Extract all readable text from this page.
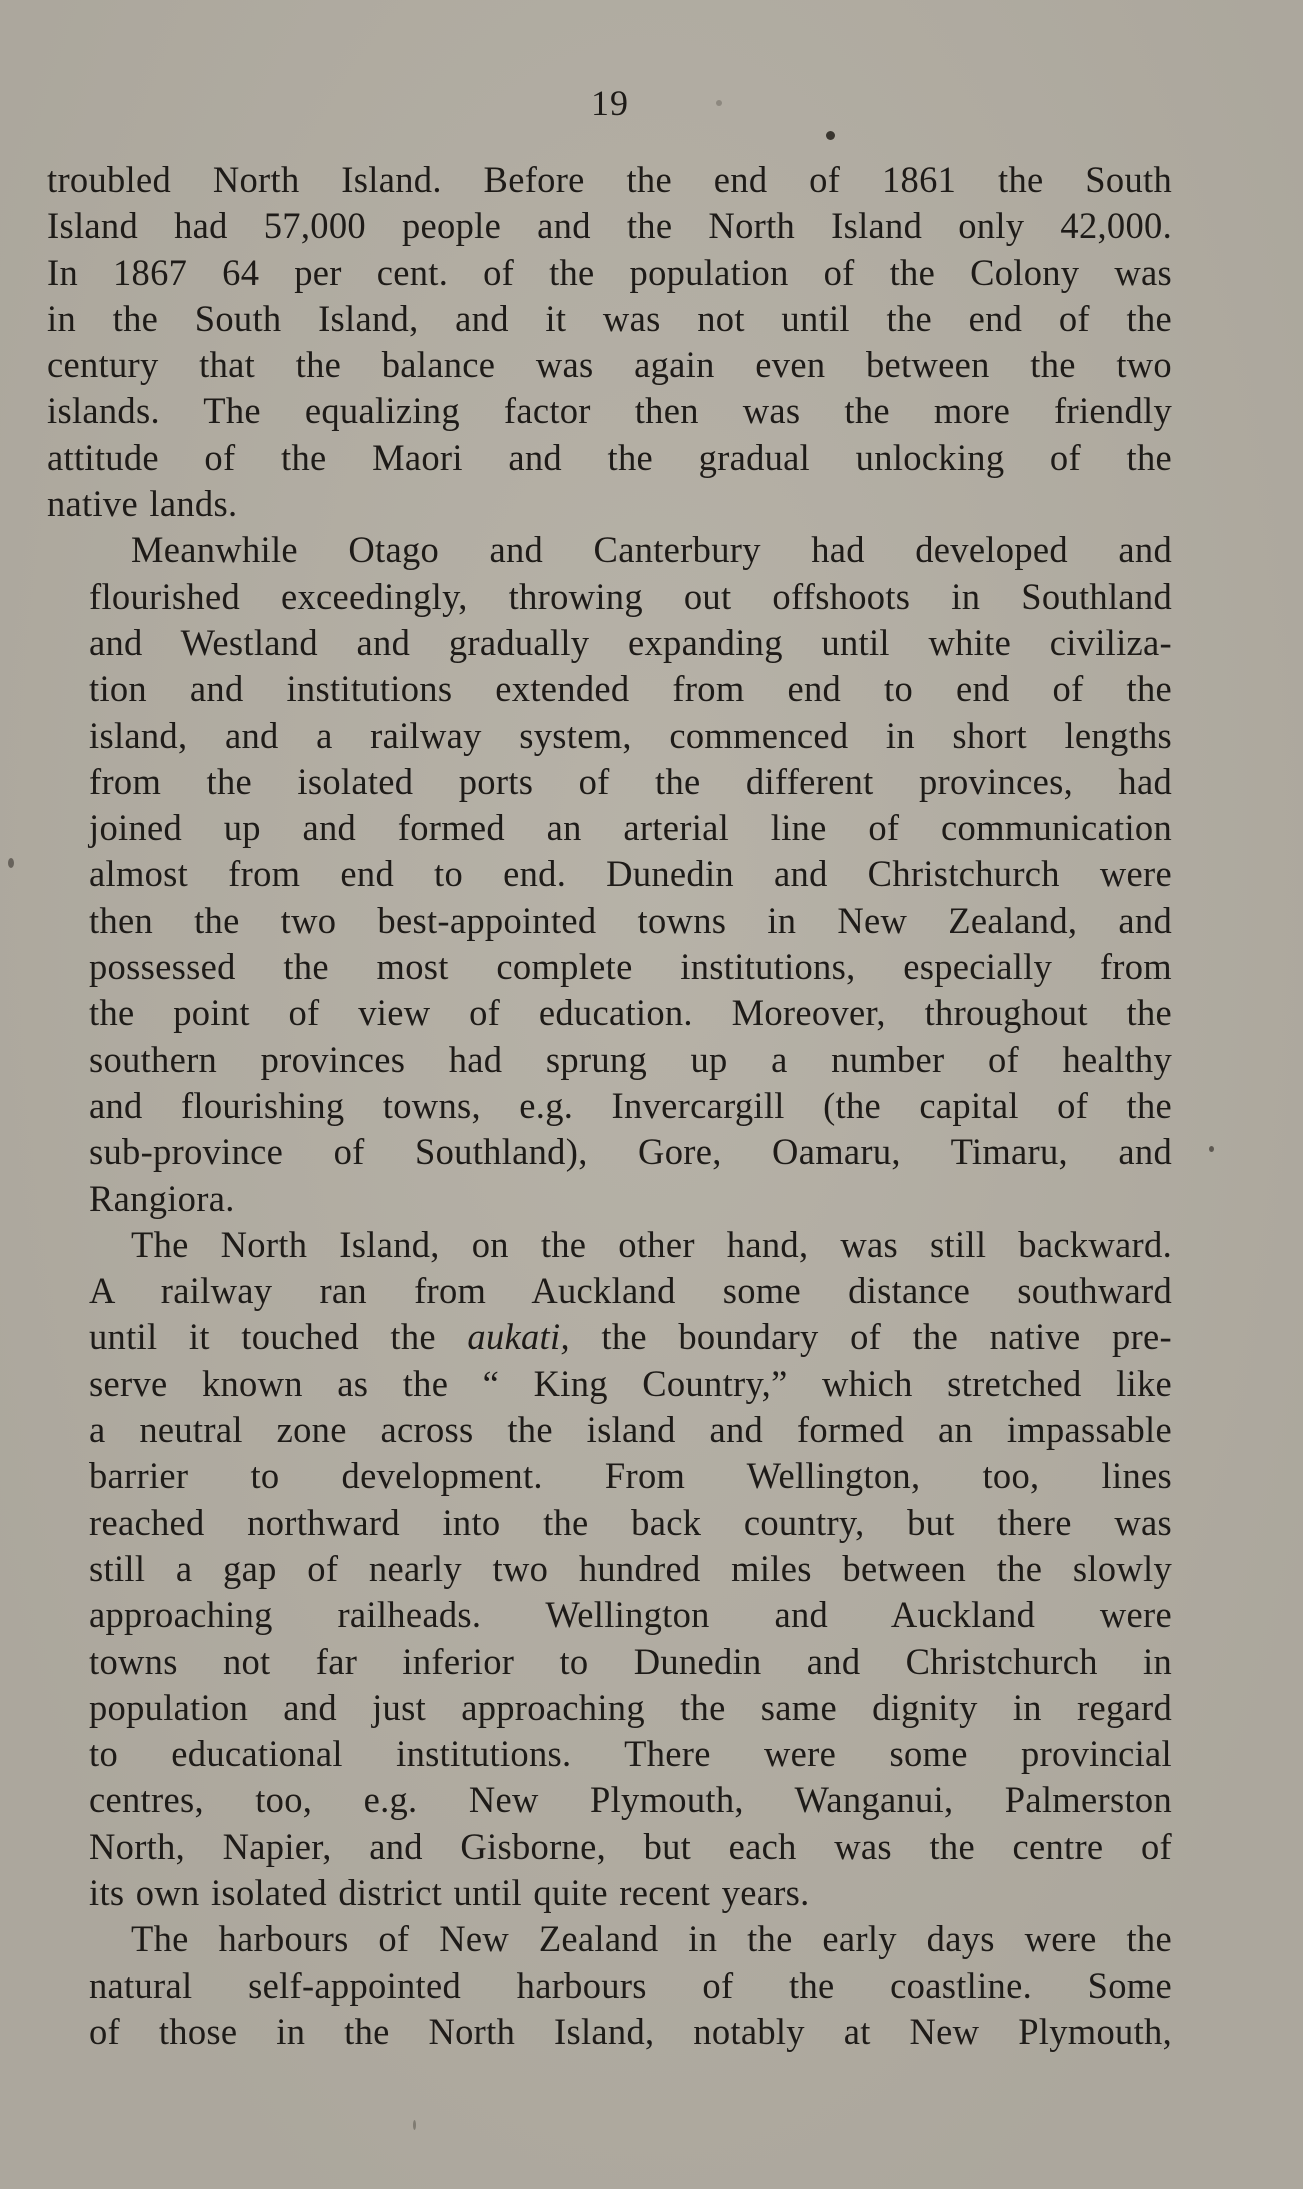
19
troubled North Island. Before the end of 1861 the South
Island had 57,000 people and the North Island only 42,000.
In 1867 64 per cent. of the population of the Colony was
in the South Island, and it was not until the end of the
century that the balance was again even between the two
islands. The equalizing factor then was the more friendly
attitude of the Maori and the gradual unlocking of the
native lands.
Meanwhile Otago and Canterbury had developed and
flourished exceedingly, throwing out offshoots in Southland
and Westland and gradually expanding until white civiliza-
tion and institutions extended from end to end of the
island, and a railway system, commenced in short lengths
from the isolated ports of the different provinces, had
joined up and formed an arterial line of communication
almost from end to end. Dunedin and Christchurch were
then the two best-appointed towns in New Zealand, and
possessed the most complete institutions, especially from
the point of view of education. Moreover, throughout the
southern provinces had sprung up a number of healthy
and flourishing towns, e.g. Invercargill (the capital of the
sub-province of Southland), Gore, Oamaru, Timaru, and
Rangiora.
The North Island, on the other hand, was still backward.
A railway ran from Auckland some distance southward
until it touched the aukati, the boundary of the native pre-
serve known as the “ King Country,” which stretched like
a neutral zone across the island and formed an impassable
barrier to development. From Wellington, too, lines
reached northward into the back country, but there was
still a gap of nearly two hundred miles between the slowly
approaching railheads. Wellington and Auckland were
towns not far inferior to Dunedin and Christchurch in
population and just approaching the same dignity in regard
to educational institutions. There were some provincial
centres, too, e.g. New Plymouth, Wanganui, Palmerston
North, Napier, and Gisborne, but each was the centre of
its own isolated district until quite recent years.
The harbours of New Zealand in the early days were the
natural self-appointed harbours of the coastline. Some
of those in the North Island, notably at New Plymouth,
